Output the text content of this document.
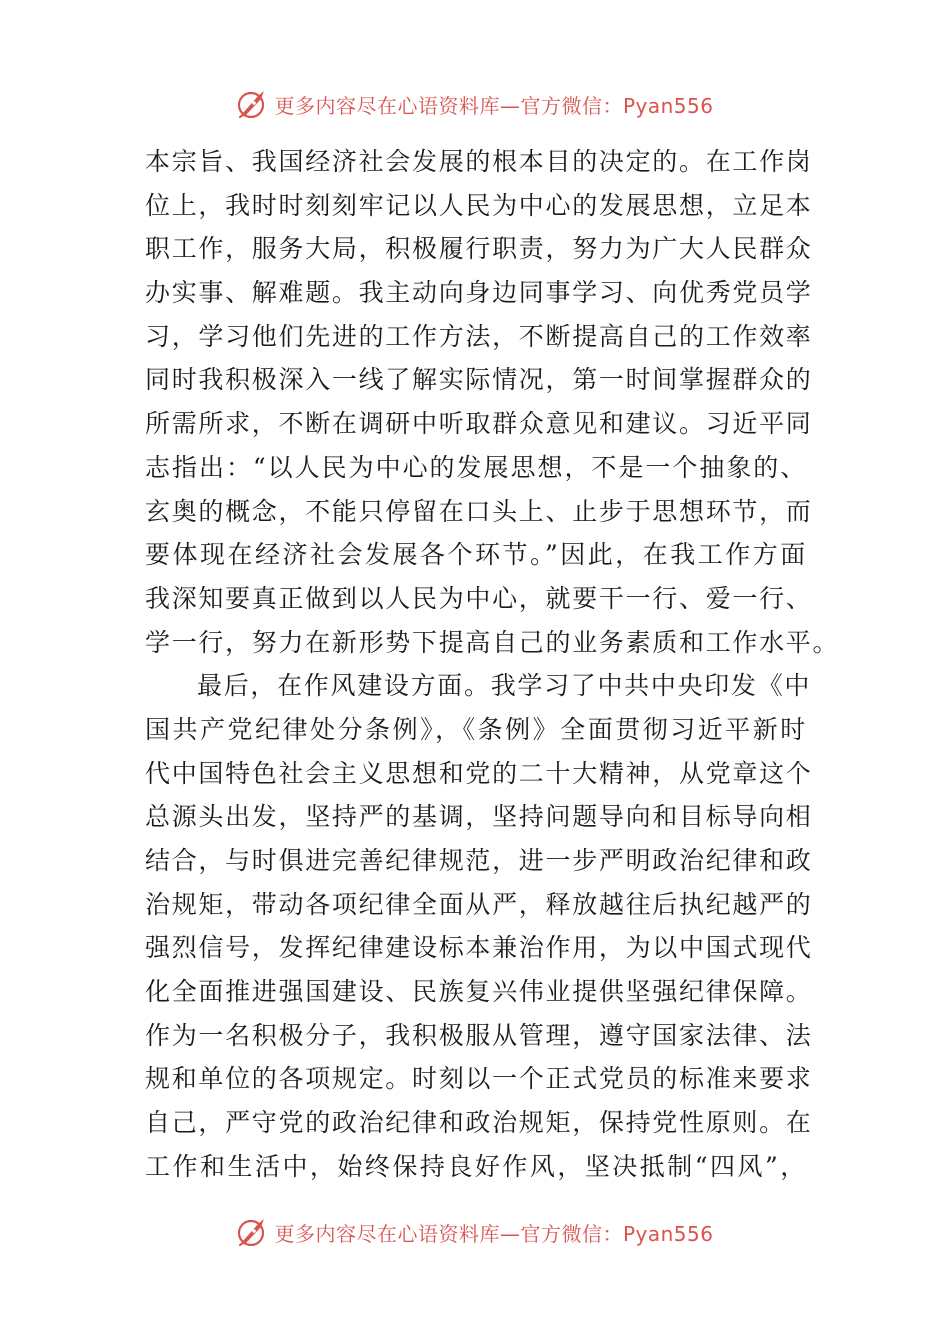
更多内容尽在心语资料库—官方微信：Pyan556
本宗旨、我国经济社会发展的根本目的决定的。在工作岗
位上，我时时刻刻牢记以人民为中心的发展思想，立足本
职工作，服务大局，积极履行职责，努力为广大人民群众
办实事、解难题。我主动向身边同事学习、向优秀党员学
习，学习他们先进的工作方法，不断提高自己的工作效率
同时我积极深入一线了解实际情况，第一时间掌握群众的
所需所求，不断在调研中听取群众意见和建议。习近平同
志指出：“以人民为中心的发展思想，不是一个抽象的、
玄奥的概念，不能只停留在口头上、止步于思想环节，而
要体现在经济社会发展各个环节。”因此，在我工作方面
我深知要真正做到以人民为中心，就要干一行、爱一行、
学一行，努力在新形势下提高自己的业务素质和工作水平。
最后，在作风建设方面。我学习了中共中央印发《中
国共产党纪律处分条例》，《条例》全面贯彻习近平新时
代中国特色社会主义思想和党的二十大精神，从党章这个
总源头出发，坚持严的基调，坚持问题导向和目标导向相
结合，与时俱进完善纪律规范，进一步严明政治纪律和政
治规矩，带动各项纪律全面从严，释放越往后执纪越严的
强烈信号，发挥纪律建设标本兼治作用，为以中国式现代
化全面推进强国建设、民族复兴伟业提供坚强纪律保障。
作为一名积极分子，我积极服从管理，遵守国家法律、法
规和单位的各项规定。时刻以一个正式党员的标准来要求
自己，严守党的政治纪律和政治规矩，保持党性原则。在
工作和生活中，始终保持良好作风，坚决抵制“四风”，
更多内容尽在心语资料库—官方微信：Pyan556
